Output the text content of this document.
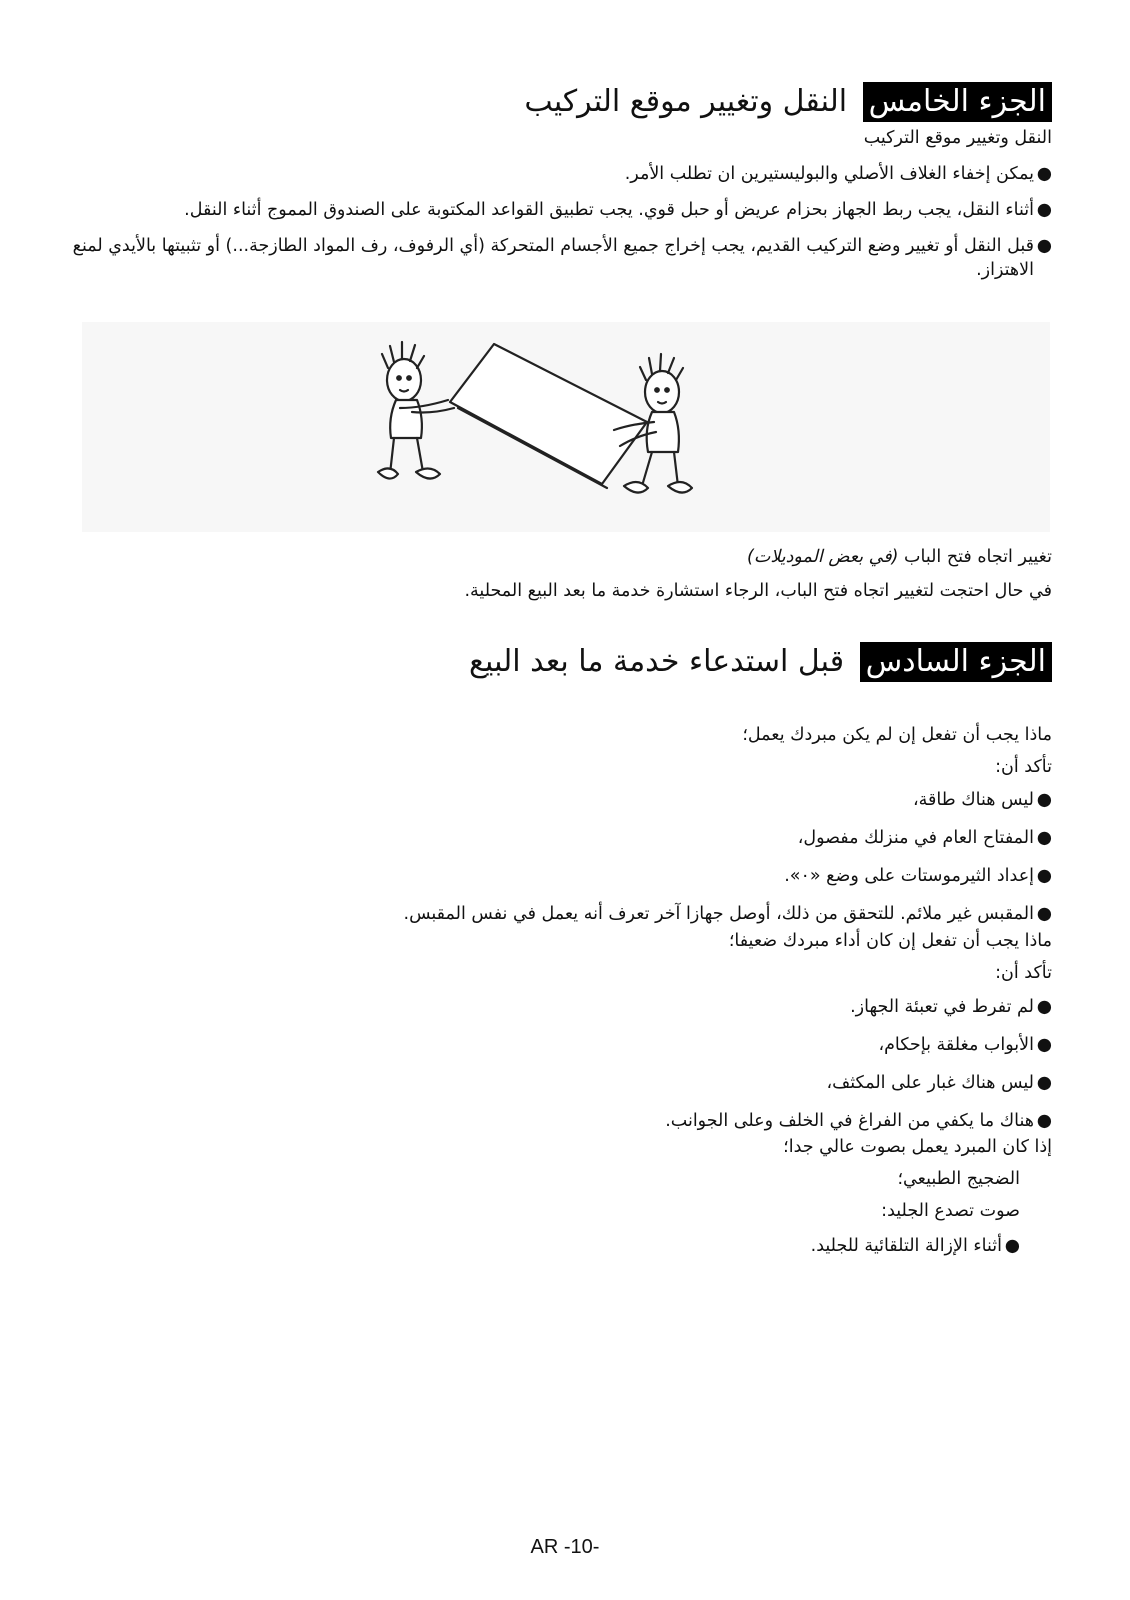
الجزء الخامس النقل وتغيير موقع التركيب
النقل وتغيير موقع التركيب
●
يمكن إخفاء الغلاف الأصلي والبوليستيرين ان تطلب الأمر.
●
أثناء النقل، يجب ربط الجهاز بحزام عريض أو حبل قوي. يجب تطبيق القواعد المكتوبة على الصندوق المموج أثناء النقل.
●
قبل النقل أو تغيير وضع التركيب القديم، يجب إخراج جميع الأجسام المتحركة (أي الرفوف، رف المواد الطازجة...) أو تثبيتها بالأيدي لمنع الاهتزاز.
تغيير اتجاه فتح الباب (في بعض الموديلات)
في حال احتجت لتغيير اتجاه فتح الباب، الرجاء استشارة خدمة ما بعد البيع المحلية.
الجزء السادس قبل استدعاء خدمة ما بعد البيع
ماذا يجب أن تفعل إن لم يكن مبردك يعمل؛
تأكد أن:
●
ليس هناك طاقة،
●
المفتاح العام في منزلك مفصول،
●
إعداد الثيرموستات على وضع «٠».
●
المقبس غير ملائم. للتحقق من ذلك، أوصل جهازا آخر تعرف أنه يعمل في نفس المقبس.
ماذا يجب أن تفعل إن كان أداء مبردك ضعيفا؛
تأكد أن:
●
لم تفرط في تعبئة الجهاز.
●
الأبواب مغلقة بإحكام،
●
ليس هناك غبار على المكثف،
●
هناك ما يكفي من الفراغ في الخلف وعلى الجوانب.
إذا كان المبرد يعمل بصوت عالي جدا؛
الضجيج الطبيعي؛
صوت تصدع الجليد:
●
أثناء الإزالة التلقائية للجليد.
AR -10-
